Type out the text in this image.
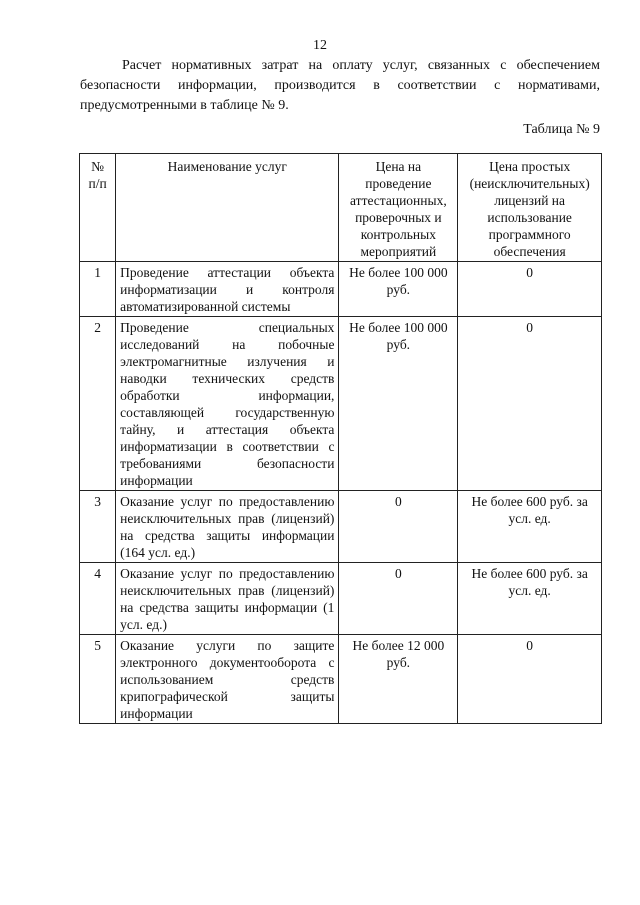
12
Расчет нормативных затрат на оплату услуг, связанных с обеспечением
безопасности информации, производится в соответствии с нормативами,
предусмотренными в таблице № 9.
Таблица № 9
№ п/п	Наименование услуг	Цена на проведение аттестационных, проверочных и контрольных мероприятий	Цена простых (неисключительных) лицензий на использование программного обеспечения
1	Проведение аттестации объекта информатизации и контроля автоматизированной системы	Не более 100 000 руб.	0
2	Проведение специальных исследований на побочные электромагнитные излучения и наводки технических средств обработки информации, составляющей государственную тайну, и аттестация объекта информатизации в соответствии с требованиями безопасности информации	Не более 100 000 руб.	0
3	Оказание услуг по предоставлению неисключительных прав (лицензий) на средства защиты информации (164 усл. ед.)	0	Не более 600 руб. за усл. ед.
4	Оказание услуг по предоставлению неисключительных прав (лицензий) на средства защиты информации (1 усл. ед.)	0	Не более 600 руб. за усл. ед.
5	Оказание услуги по защите электронного документооборота с использованием средств крипографической защиты информации	Не более 12 000 руб.	0
